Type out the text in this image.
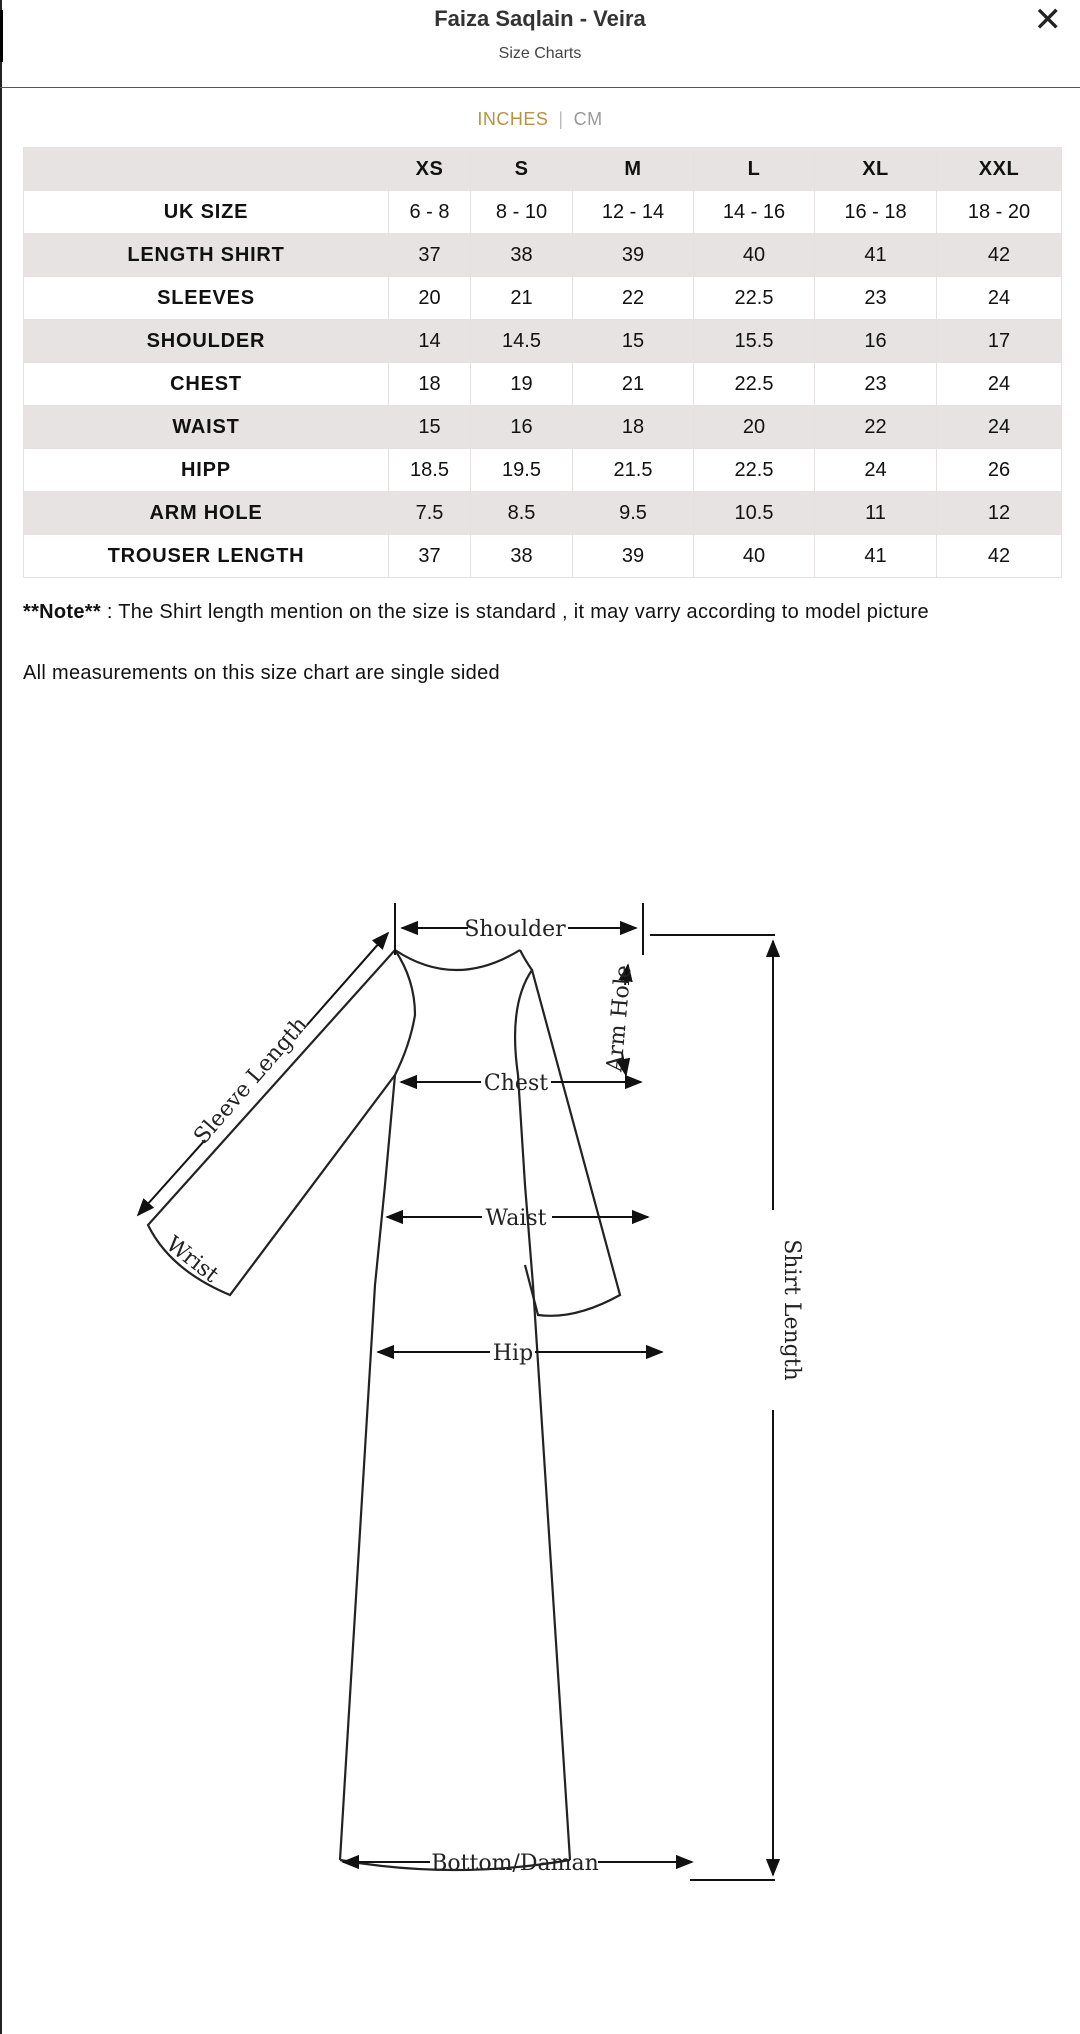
Faiza Saqlain - Veira
Size Charts
✕
INCHES | CM
	XS	S	M	L	XL	XXL
UK SIZE	6 - 8	8 - 10	12 - 14	14 - 16	16 - 18	18 - 20
LENGTH SHIRT	37	38	39	40	41	42
SLEEVES	20	21	22	22.5	23	24
SHOULDER	14	14.5	15	15.5	16	17
CHEST	18	19	21	22.5	23	24
WAIST	15	16	18	20	22	24
HIPP	18.5	19.5	21.5	22.5	24	26
ARM HOLE	7.5	8.5	9.5	10.5	11	12
TROUSER LENGTH	37	38	39	40	41	42
**Note** : The Shirt length mention on the size is standard , it may varry according to model picture
All measurements on this size chart are single sided
Shoulder
Chest
Waist
Hip
Bottom/Daman
Shirt Length
Sleeve Length	Arm Hole
Wrist
